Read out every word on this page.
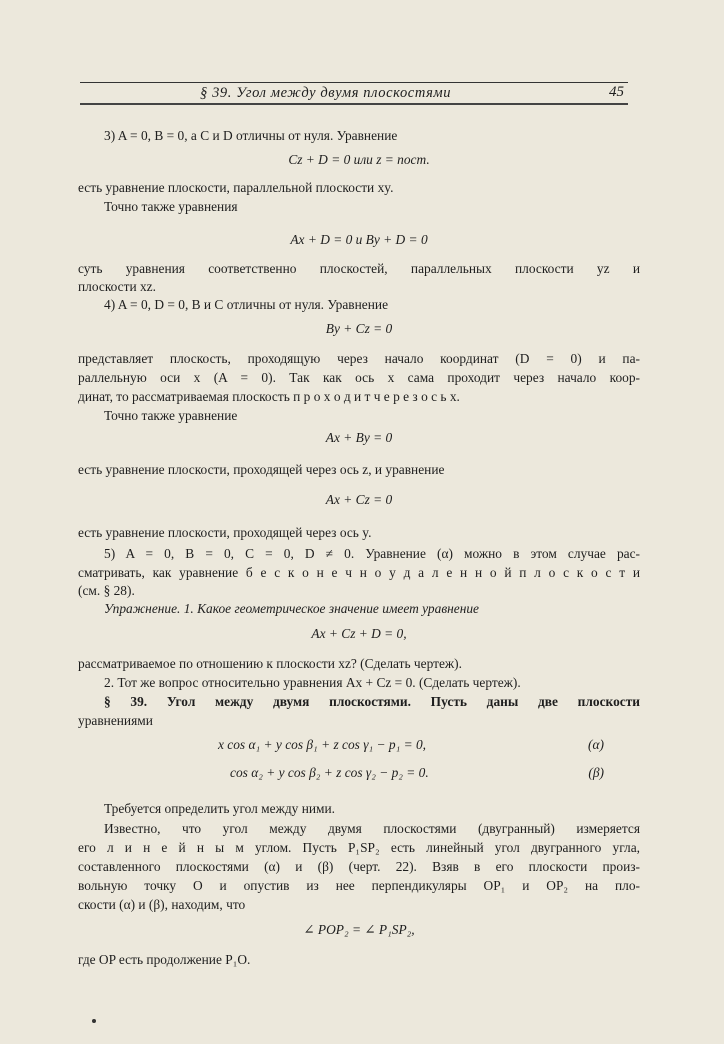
§ 39. Угол между двумя плоскостями	45
3) A = 0, B = 0, а C и D отличны от нуля. Уравнение
Cz + D = 0 или z = пост.
есть уравнение плоскости, параллельной плоскости xy.
Точно также уравнения
Ax + D = 0 и By + D = 0
суть уравнения соответственно плоскостей, параллельных плоскости yz и
плоскости xz.
4) A = 0, D = 0, B и C отличны от нуля. Уравнение
By + Cz = 0
представляет плоскость, проходящую через начало координат (D = 0) и па-
раллельную оси x (A = 0). Так как ось x сама проходит через начало коор-
динат, то рассматриваемая плоскость п р о х о д и т ч е р е з о с ь x.
Точно также уравнение
Ax + By = 0
есть уравнение плоскости, проходящей через ось z, и уравнение
Ax + Cz = 0
есть уравнение плоскости, проходящей через ось y.
5) A = 0, B = 0, C = 0, D ≠ 0. Уравнение (α) можно в этом случае рас-
сматривать, как уравнение б е с к о н е ч н о у д а л е н н о й п л о с к о с т и
(см. § 28).
Упражнение. 1. Какое геометрическое значение имеет уравнение
Ax + Cz + D = 0,
рассматриваемое по отношению к плоскости xz? (Сделать чертеж).
2. Тот же вопрос относительно уравнения Ax + Cz = 0. (Сделать чертеж).
§ 39. Угол между двумя плоскостями. Пусть даны две плоскости
уравнениями
x cos α₁ + y cos β₁ + z cos γ₁ − p₁ = 0,	(α)
cos α₂ + y cos β₂ + z cos γ₂ − p₂ = 0.	(β)
Требуется определить угол между ними.
Известно, что угол между двумя плоскостями (двугранный) измеряется
его л и н е й н ы м углом. Пусть P₁SP₂ есть линейный угол двугранного угла,
составленного плоскостями (α) и (β) (черт. 22). Взяв в его плоскости произ-
вольную точку O и опустив из нее перпендикуляры OP₁ и OP₂ на пло-
скости (α) и (β), находим, что
∠ POP₂ = ∠ P₁SP₂,
где OP есть продолжение P₁O.
